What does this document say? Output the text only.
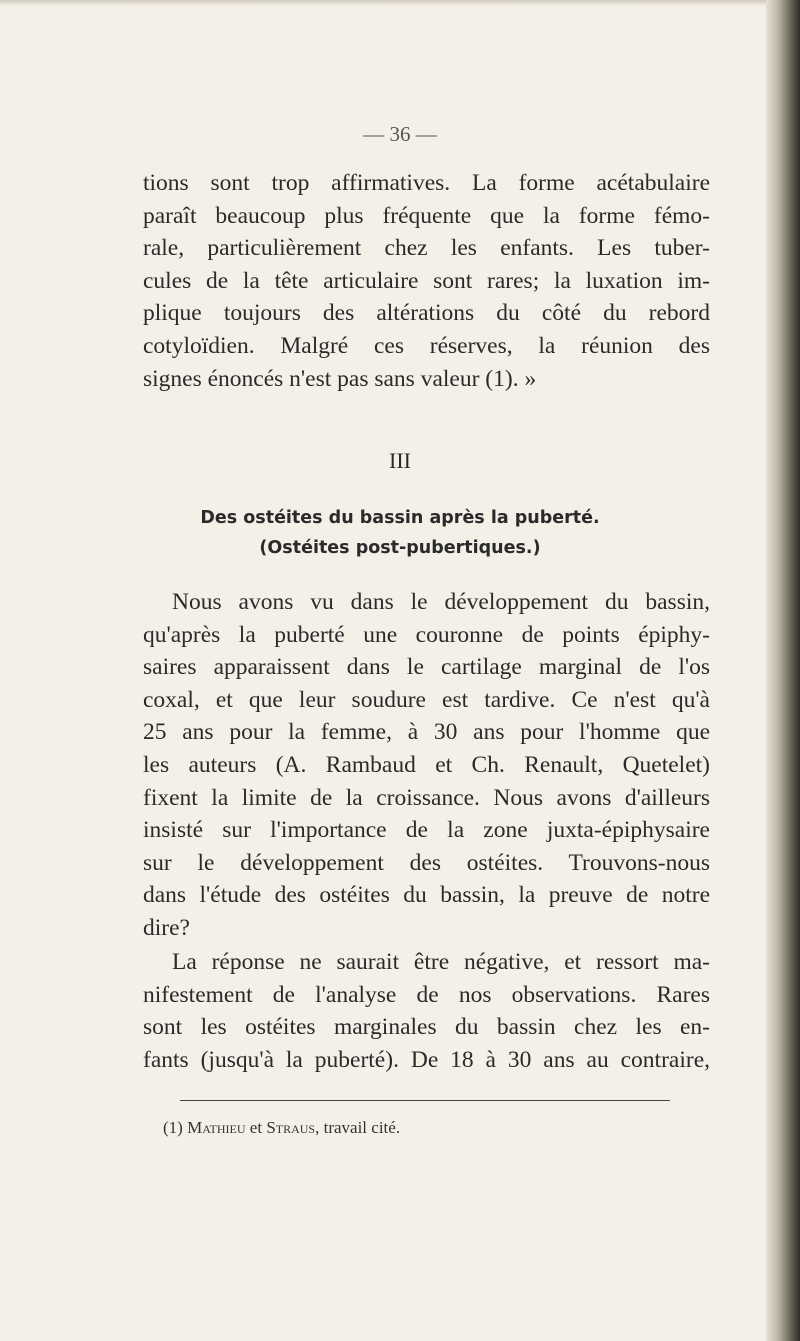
— 36 —
tions sont trop affirmatives. La forme acétabulaire
paraît beaucoup plus fréquente que la forme fémo-
rale, particulièrement chez les enfants. Les tuber-
cules de la tête articulaire sont rares; la luxation im-
plique toujours des altérations du côté du rebord
cotyloïdien. Malgré ces réserves, la réunion des
signes énoncés n'est pas sans valeur (1). »
III
Des ostéites du bassin après la puberté.
(Ostéites post-pubertiques.)
Nous avons vu dans le développement du bassin,
qu'après la puberté une couronne de points épiphy-
saires apparaissent dans le cartilage marginal de l'os
coxal, et que leur soudure est tardive. Ce n'est qu'à
25 ans pour la femme, à 30 ans pour l'homme que
les auteurs (A. Rambaud et Ch. Renault, Quetelet)
fixent la limite de la croissance. Nous avons d'ailleurs
insisté sur l'importance de la zone juxta-épiphysaire
sur le développement des ostéites. Trouvons-nous
dans l'étude des ostéites du bassin, la preuve de notre
dire?
La réponse ne saurait être négative, et ressort ma-
nifestement de l'analyse de nos observations. Rares
sont les ostéites marginales du bassin chez les en-
fants (jusqu'à la puberté). De 18 à 30 ans au contraire,
(1) Mathieu et Straus, travail cité.
